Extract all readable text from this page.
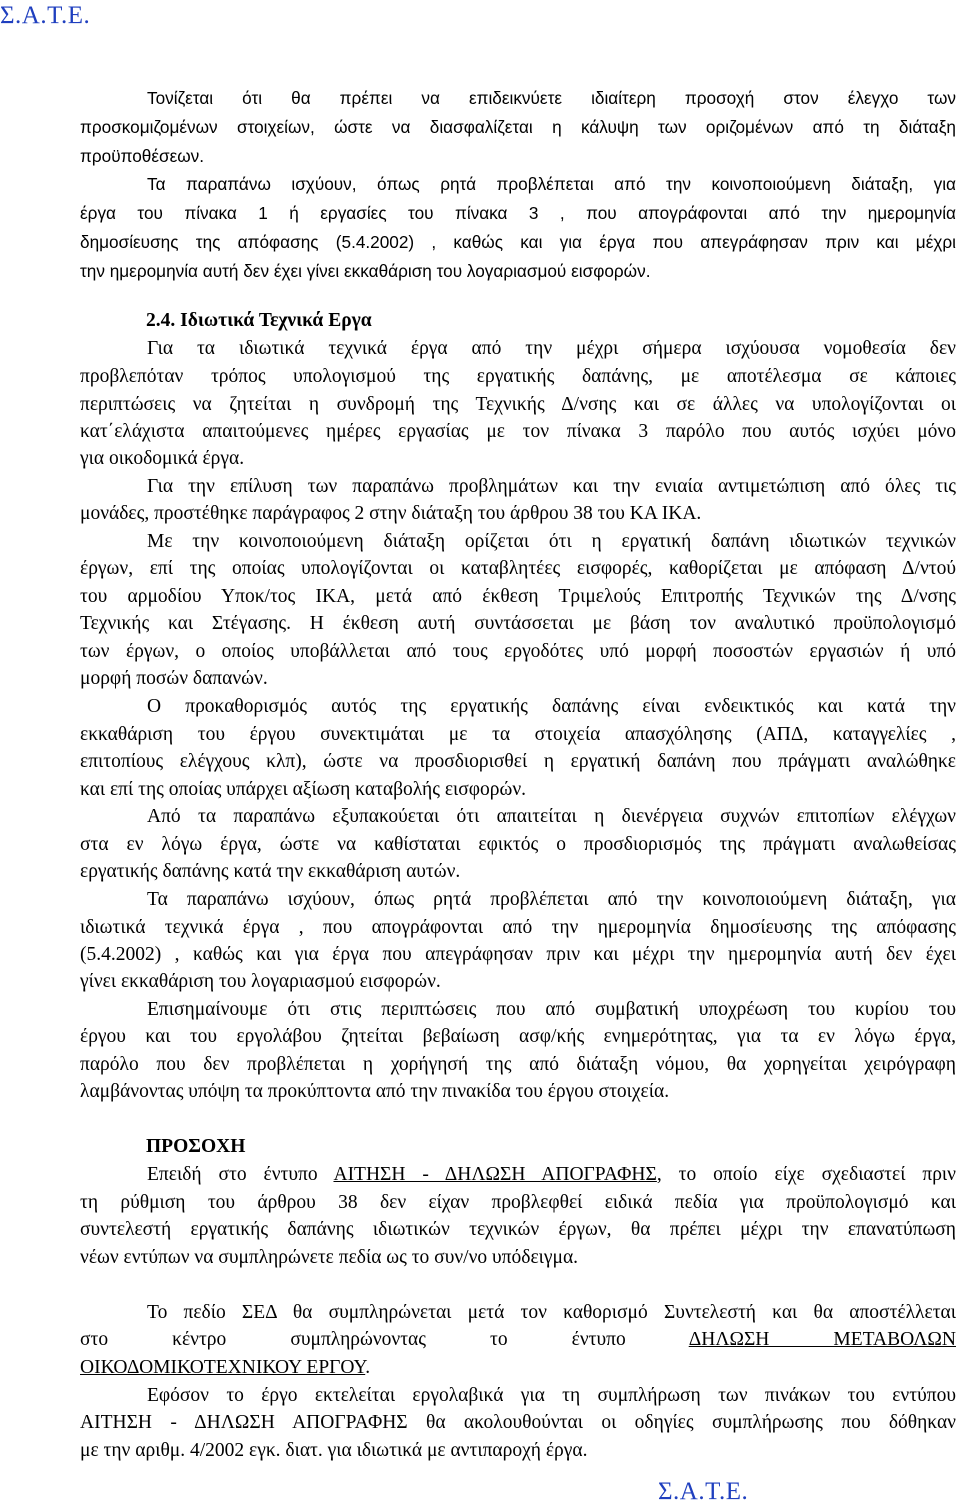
Σ.Α.Τ.Ε.
Τονίζεται ότι θα πρέπει να επιδεικνύετε ιδιαίτερη προσοχή στον έλεγχο των
προσκομιζομένων στοιχείων, ώστε να διασφαλίζεται η κάλυψη των οριζομένων από τη διάταξη
προϋποθέσεων.
Τα παραπάνω ισχύουν, όπως ρητά προβλέπεται από την κοινοποιούμενη διάταξη, για
έργα του πίνακα 1 ή εργασίες του πίνακα 3 , που απογράφονται από την ημερομηνία
δημοσίευσης της απόφασης (5.4.2002) , καθώς και για έργα που απεγράφησαν πριν και μέχρι
την ημερομηνία αυτή δεν έχει γίνει εκκαθάριση του λογαριασμού εισφορών.
2.4. Ιδιωτικά Τεχνικά Εργα
Για τα ιδιωτικά τεχνικά έργα από την μέχρι σήμερα ισχύουσα νομοθεσία δεν
προβλεπόταν τρόπος υπολογισμού της εργατικής δαπάνης, με αποτέλεσμα σε κάποιες
περιπτώσεις να ζητείται η συνδρομή της Τεχνικής Δ/νσης και σε άλλες να υπολογίζονται οι
κατ΄ελάχιστα απαιτούμενες ημέρες εργασίας με τον πίνακα 3 παρόλο που αυτός ισχύει μόνο
για οικοδομικά έργα.
Για την επίλυση των παραπάνω προβλημάτων και την ενιαία αντιμετώπιση από όλες τις
μονάδες, προστέθηκε παράγραφος 2 στην διάταξη του άρθρου 38 του ΚΑ ΙΚΑ.
Με την κοινοποιούμενη διάταξη ορίζεται ότι η εργατική δαπάνη ιδιωτικών τεχνικών
έργων, επί της οποίας υπολογίζονται οι καταβλητέες εισφορές, καθορίζεται με απόφαση Δ/ντού
του αρμοδίου Υποκ/τος ΙΚΑ, μετά από έκθεση Τριμελούς Επιτροπής Τεχνικών της Δ/νσης
Τεχνικής και Στέγασης. Η έκθεση αυτή συντάσσεται με βάση τον αναλυτικό προϋπολογισμό
των έργων, ο οποίος υποβάλλεται από τους εργοδότες υπό μορφή ποσοστών εργασιών ή υπό
μορφή ποσών δαπανών.
Ο προκαθορισμός αυτός της εργατικής δαπάνης είναι ενδεικτικός και κατά την
εκκαθάριση του έργου συνεκτιμάται με τα στοιχεία απασχόλησης (ΑΠΔ, καταγγελίες ,
επιτοπίους ελέγχους κλπ), ώστε να προσδιορισθεί η εργατική δαπάνη που πράγματι αναλώθηκε
και επί της οποίας υπάρχει αξίωση καταβολής εισφορών.
Από τα παραπάνω εξυπακούεται ότι απαιτείται η διενέργεια συχνών επιτοπίων ελέγχων
στα εν λόγω έργα, ώστε να καθίσταται εφικτός ο προσδιορισμός της πράγματι αναλωθείσας
εργατικής δαπάνης κατά την εκκαθάριση αυτών.
Τα παραπάνω ισχύουν, όπως ρητά προβλέπεται από την κοινοποιούμενη διάταξη, για
ιδιωτικά τεχνικά έργα , που απογράφονται από την ημερομηνία δημοσίευσης της απόφασης
(5.4.2002) , καθώς και για έργα που απεγράφησαν πριν και μέχρι την ημερομηνία αυτή δεν έχει
γίνει εκκαθάριση του λογαριασμού εισφορών.
Επισημαίνουμε ότι στις περιπτώσεις που από συμβατική υποχρέωση του κυρίου του
έργου και του εργολάβου ζητείται βεβαίωση ασφ/κής ενημερότητας, για τα εν λόγω έργα,
παρόλο που δεν προβλέπεται η χορήγησή της από διάταξη νόμου, θα χορηγείται χειρόγραφη
λαμβάνοντας υπόψη τα προκύπτοντα από την πινακίδα του έργου στοιχεία.
ΠΡΟΣΟΧΗ
Επειδή στο έντυπο ΑΙΤΗΣΗ - ΔΗΛΩΣΗ ΑΠΟΓΡΑΦΗΣ, το οποίο είχε σχεδιαστεί πριν
τη ρύθμιση του άρθρου 38 δεν είχαν προβλεφθεί ειδικά πεδία για προϋπολογισμό και
συντελεστή εργατικής δαπάνης ιδιωτικών τεχνικών έργων, θα πρέπει μέχρι την επανατύπωση
νέων εντύπων να συμπληρώνετε πεδία ως το συν/νο υπόδειγμα.
Το πεδίο ΣΕΔ θα συμπληρώνεται μετά τον καθορισμό Συντελεστή και θα αποστέλλεται
στο κέντρο συμπληρώνοντας το έντυπο ΔΗΛΩΣΗ ΜΕΤΑΒΟΛΩΝ
ΟΙΚΟΔΟΜΙΚΟΤΕΧΝΙΚΟΥ ΕΡΓΟΥ.
Εφόσον το έργο εκτελείται εργολαβικά για τη συμπλήρωση των πινάκων του εντύπου
ΑΙΤΗΣΗ - ΔΗΛΩΣΗ ΑΠΟΓΡΑΦΗΣ θα ακολουθούνται οι οδηγίες συμπλήρωσης που δόθηκαν
με την αριθμ. 4/2002 εγκ. διατ. για ιδιωτικά με αντιπαροχή έργα.
Σ.Α.Τ.Ε.
